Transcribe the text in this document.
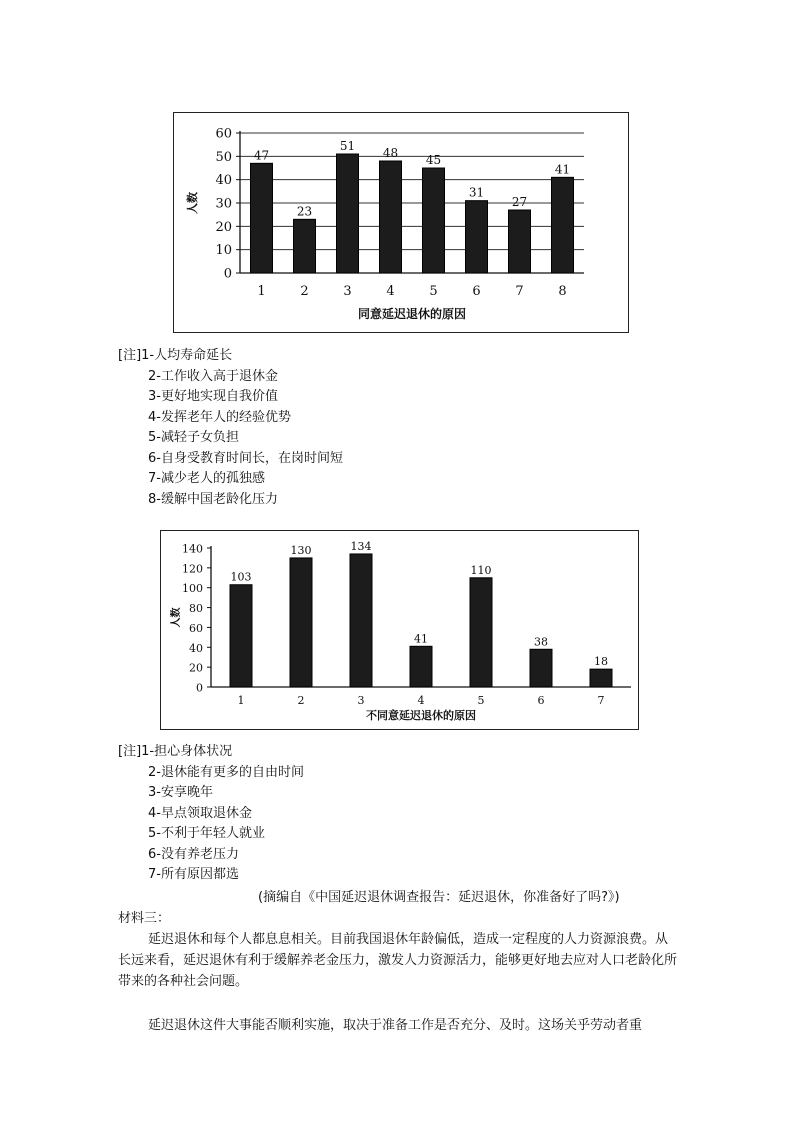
0
10
20
30
40
50
60
47
1
23
2
51
3
48
4
45
5
31
6
27
7
41
8
同意延迟退休的原因
人数
[注]1-人均寿命延长
2-工作收入高于退休金
3-更好地实现自我价值
4-发挥老年人的经验优势
5-减轻子女负担
6-自身受教育时间长，在岗时间短
7-减少老人的孤独感
8-缓解中国老龄化压力
0
20
40
60
80
100
120
140
103
1
130
2
134
3
41
4
110
5
38
6
18
7
不同意延迟退休的原因
人数
[注]1-担心身体状况
2-退休能有更多的自由时间
3-安享晚年
4-早点领取退休金
5-不利于年轻人就业
6-没有养老压力
7-所有原因都选
(摘编自《中国延迟退休调查报告：延迟退休，你准备好了吗?》)
材料三：
延迟退休和每个人都息息相关。目前我国退休年龄偏低，造成一定程度的人力资源浪费。从长远来看，延迟退休有利于缓解养老金压力，激发人力资源活力，能够更好地去应对人口老龄化所带来的各种社会问题。
延迟退休这件大事能否顺利实施，取决于准备工作是否充分、及时。这场关乎劳动者重
